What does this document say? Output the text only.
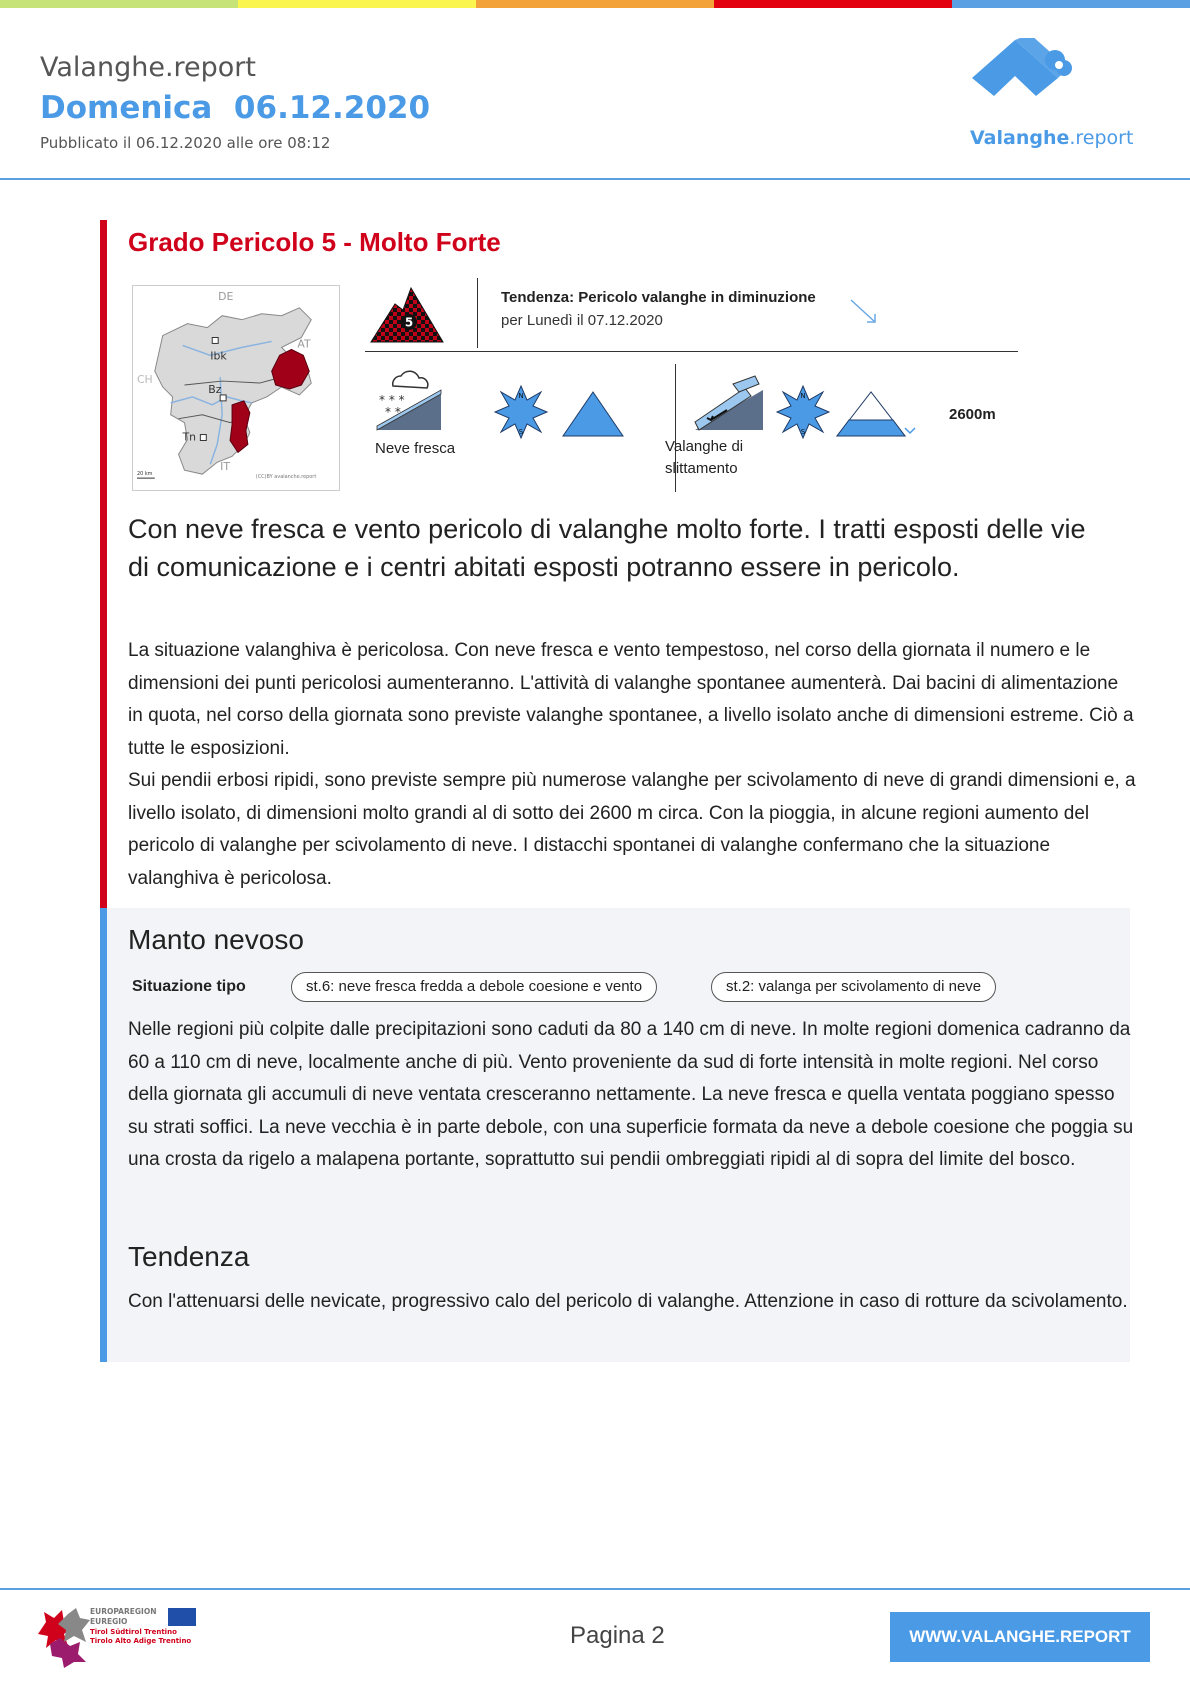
Valanghe.report
Domenica  06.12.2020
Pubblicato il 06.12.2020 alle ore 08:12	Valanghe.report
Grado Pericolo 5 - Molto Forte
DE
AT
CH
IT
Ibk
Bz
Tn
20 km	(CC)BY avalanche.report
5
Tendenza: Pericolo valanghe in diminuzione
per Lunedì il 07.12.2020
* * *
* *
Neve fresca
N
S
Valanghe di slittamento
N
S
2600m
Con neve fresca e vento pericolo di valanghe molto forte. I tratti esposti delle vie di comunicazione e i centri abitati esposti potranno essere in pericolo.

La situazione valanghiva è pericolosa. Con neve fresca e vento tempestoso, nel corso della giornata il numero e le dimensioni dei punti pericolosi aumenteranno. L'attività di valanghe spontanee aumenterà. Dai bacini di alimentazione in quota, nel corso della giornata sono previste valanghe spontanee, a livello isolato anche di dimensioni estreme. Ciò a tutte le esposizioni.

Sui pendii erbosi ripidi, sono previste sempre più numerose valanghe per scivolamento di neve di grandi dimensioni e, a livello isolato, di dimensioni molto grandi al di sotto dei 2600 m circa. Con la pioggia, in alcune regioni aumento del pericolo di valanghe per scivolamento di neve. I distacchi spontanei di valanghe confermano che la situazione valanghiva è pericolosa.

Manto nevoso
Situazione tipo	st.6: neve fresca fredda a debole coesione e vento	st.2: valanga per scivolamento di neve
Nelle regioni più colpite dalle precipitazioni sono caduti da 80 a 140 cm di neve. In molte regioni domenica cadranno da 60 a 110 cm di neve, localmente anche di più. Vento proveniente da sud di forte intensità in molte regioni. Nel corso della giornata gli accumuli di neve ventata cresceranno nettamente. La neve fresca e quella ventata poggiano spesso su strati soffici. La neve vecchia è in parte debole, con una superficie formata da neve a debole coesione che poggia su una crosta da rigelo a malapena portante, soprattutto sui pendii ombreggiati ripidi al di sopra del limite del bosco.
Tendenza
Con l'attenuarsi delle nevicate, progressivo calo del pericolo di valanghe. Attenzione in caso di rotture da scivolamento.
EUROPAREGION
EUREGIO
Tirol Südtirol Trentino
Tirolo Alto Adige Trentino	Pagina 2	WWW.VALANGHE.REPORT
